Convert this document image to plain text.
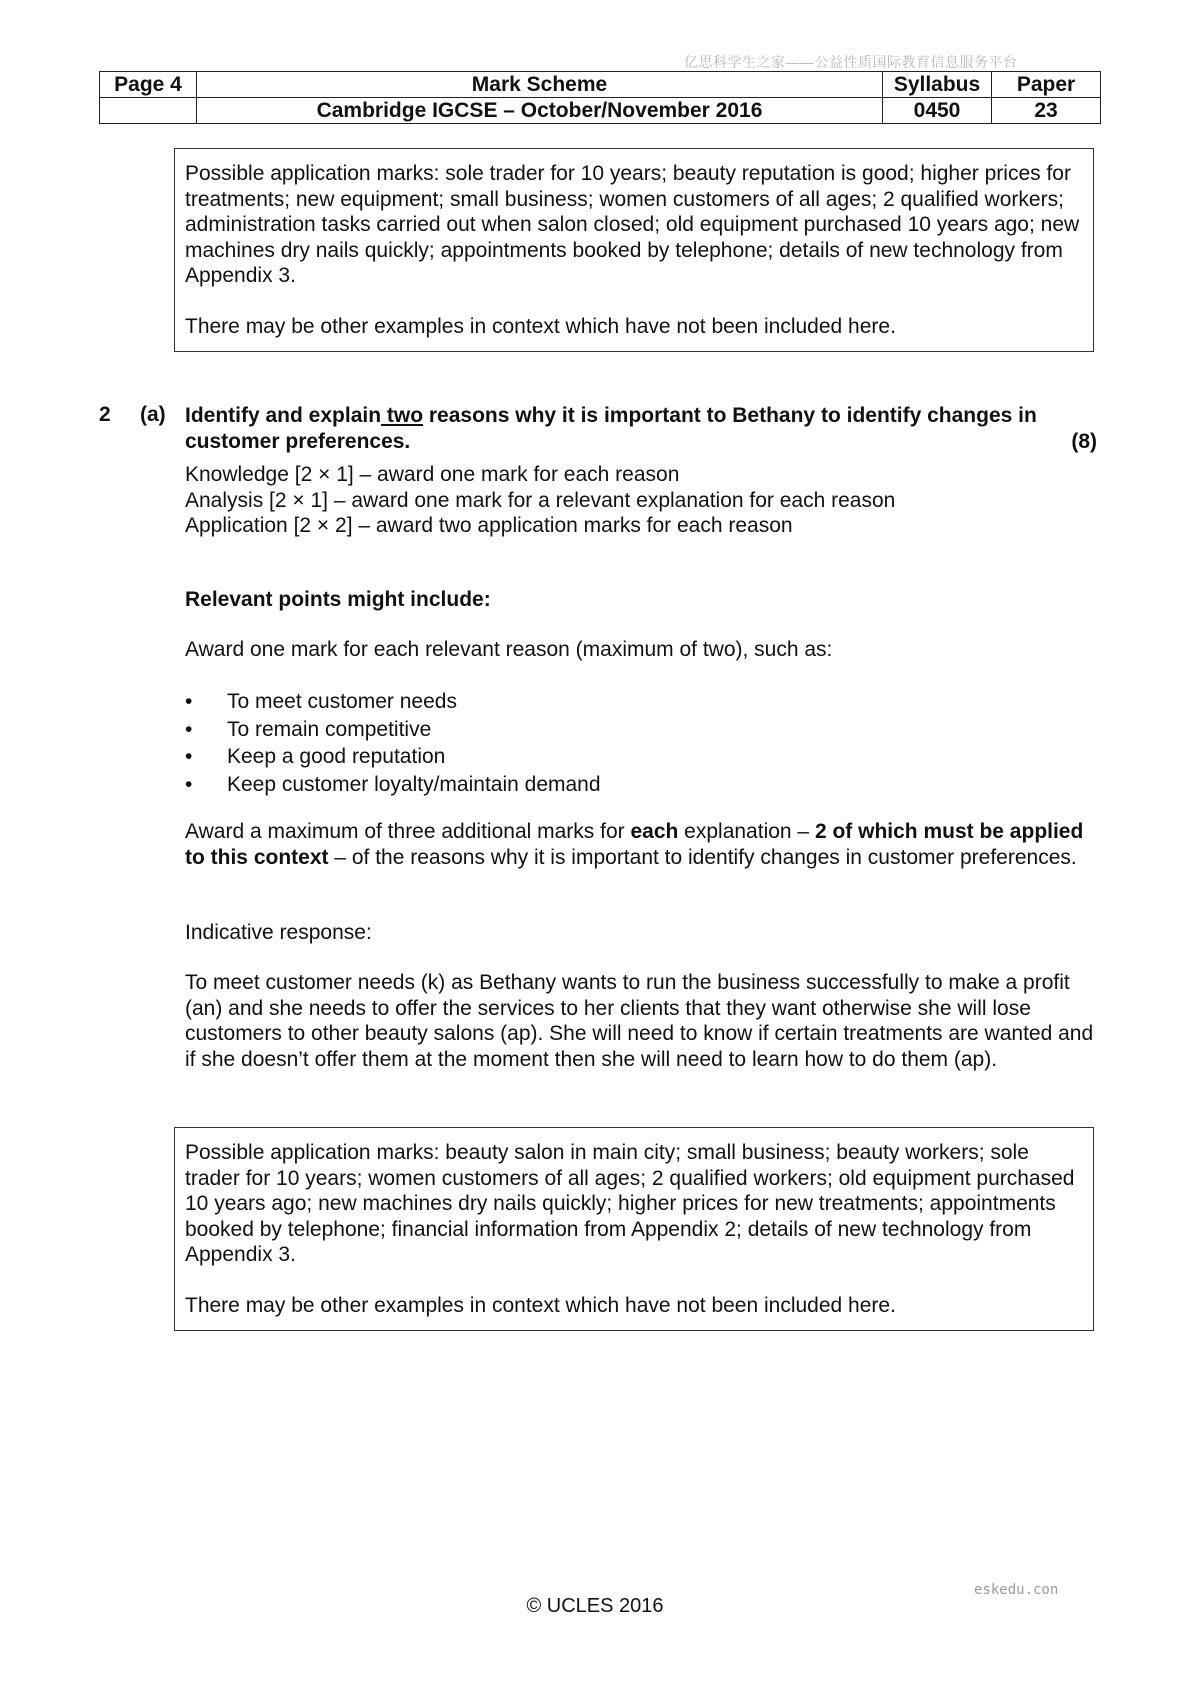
亿思科学生之家——公益性质国际教育信息服务平台
Page 4	Mark Scheme	Syllabus	Paper
	Cambridge IGCSE – October/November 2016	0450	23

Possible application marks: sole trader for 10 years; beauty reputation is good; higher prices for treatments; new equipment; small business; women customers of all ages; 2 qualified workers; administration tasks carried out when salon closed; old equipment purchased 10 years ago; new machines dry nails quickly; appointments booked by telephone; details of new technology from Appendix 3.

There may be other examples in context which have not been included here.

2 (a) Identify and explain two reasons why it is important to Bethany to identify changes in customer preferences.	(8)

Knowledge [2 × 1] – award one mark for each reason

Analysis [2 × 1] – award one mark for a relevant explanation for each reason

Application [2 × 2] – award two application marks for each reason

Relevant points might include:
Award one mark for each relevant reason (maximum of two), such as:
• To meet customer needs
• To remain competitive
• Keep a good reputation
• Keep customer loyalty/maintain demand
Award a maximum of three additional marks for each explanation – 2 of which must be applied to this context – of the reasons why it is important to identify changes in customer preferences.
Indicative response:
To meet customer needs (k) as Bethany wants to run the business successfully to make a profit (an) and she needs to offer the services to her clients that they want otherwise she will lose customers to other beauty salons (ap). She will need to know if certain treatments are wanted and if she doesn’t offer them at the moment then she will need to learn how to do them (ap).

Possible application marks: beauty salon in main city; small business; beauty workers; sole trader for 10 years; women customers of all ages; 2 qualified workers; old equipment purchased 10 years ago; new machines dry nails quickly; higher prices for new treatments; appointments booked by telephone; financial information from Appendix 2; details of new technology from Appendix 3.

There may be other examples in context which have not been included here.

eskedu.con
© UCLES 2016
